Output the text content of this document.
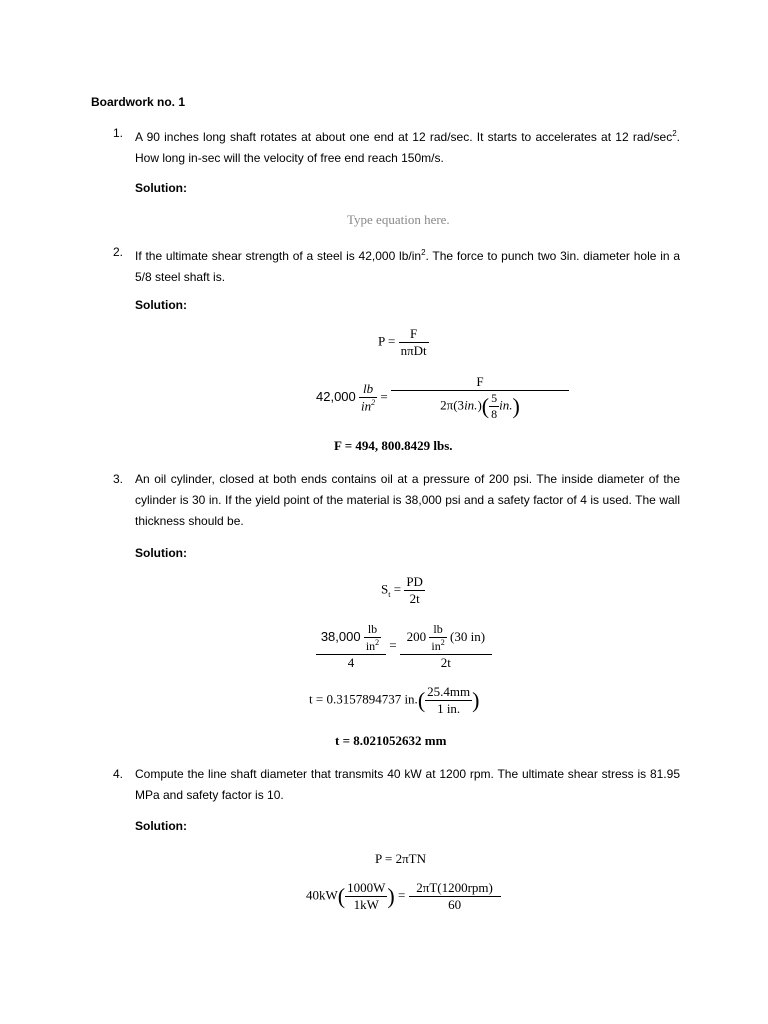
Boardwork no. 1
1. A 90 inches long shaft rotates at about one end at 12 rad/sec. It starts to accelerates at 12 rad/$\sec^2$. How long in-sec will the velocity of free end reach 150m/s.
Solution:
Type equation here.
2. If the ultimate shear strength of a steel is 42,000 $lb/in^2$. The force to punch two 3in. diameter hole in a 5/8 steel shaft is.
Solution:
$P = \frac{F}{\text{nπDt}}$
$42,000 \frac{lb}{in^2} = \frac{F}{2\pi(3in.)( \frac{5}{8} in.)}$
F = 494, 800.8429 lbs.
3. An oil cylinder, closed at both ends contains oil at a pressure of 200 psi. The inside diameter of the cylinder is 30 in. If the yield point of the material is 38,000 psi and a safety factor of 4 is used. The wall thickness should be.
Solution:
$S_t = \frac{PD}{2t}$
$\frac{38,000 \frac{lb}{in^2}}{4} = \frac{200 \frac{lb}{in^2} (30 in)}{2t}$
t = 0.3157894737 $in.( \frac{25.4mm}{1 in.}$ )
t = 8.021052632 mm
4. Compute the line shaft diameter that transmits 40 kW at 1200 rpm. The ultimate shear stress is 81.95 MPa and safety factor is 10.
Solution:
P = 2πTN
$40kW( \frac{1000W}{1kW}$ ) = $\frac{\text{2πT(1200rpm)}}{60}$
